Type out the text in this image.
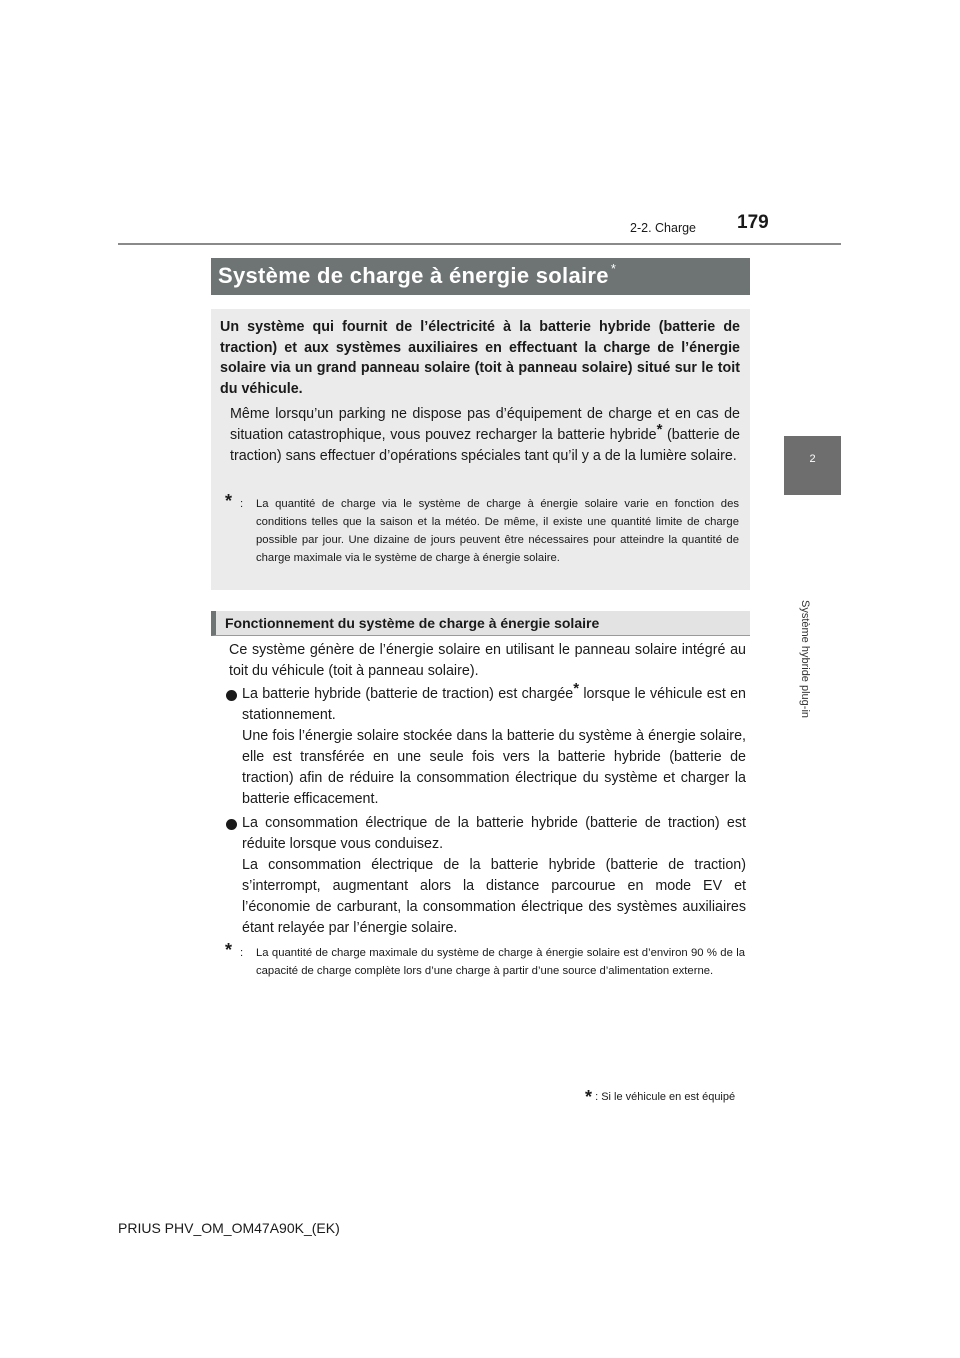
179
2-2. Charge
2
Système hybride plug-in
Système de charge à énergie solaire *
Un système qui fournit de l’électricité à la batterie hybride (batterie de traction) et aux systèmes auxiliaires en effectuant la charge de l’énergie solaire via un grand panneau solaire (toit à panneau solaire) situé sur le toit du véhicule.
Même lorsqu’un parking ne dispose pas d’équipement de charge et en cas de situation catastrophique, vous pouvez recharger la batterie hybride* (batterie de traction) sans effectuer d’opérations spéciales tant qu’il y a de la lumière solaire.
* : La quantité de charge via le système de charge à énergie solaire varie en fonction des conditions telles que la saison et la météo. De même, il existe une quantité limite de charge possible par jour. Une dizaine de jours peuvent être nécessaires pour atteindre la quantité de charge maximale via le système de charge à énergie solaire.
Fonctionnement du système de charge à énergie solaire
Ce système génère de l’énergie solaire en utilisant le panneau solaire intégré au toit du véhicule (toit à panneau solaire).
La batterie hybride (batterie de traction) est chargée* lorsque le véhicule est en stationnement.
Une fois l’énergie solaire stockée dans la batterie du système à énergie solaire, elle est transférée en une seule fois vers la batterie hybride (batterie de traction) afin de réduire la consommation électrique du système et charger la batterie efficacement.
La consommation électrique de la batterie hybride (batterie de traction) est réduite lorsque vous conduisez.
La consommation électrique de la batterie hybride (batterie de traction) s’interrompt, augmentant alors la distance parcourue en mode EV et l’économie de carburant, la consommation électrique des systèmes auxiliaires étant relayée par l’énergie solaire.
* : La quantité de charge maximale du système de charge à énergie solaire est d’environ 90 % de la capacité de charge complète lors d’une charge à partir d’une source d’alimentation externe.
* : Si le véhicule en est équipé
PRIUS PHV_OM_OM47A90K_(EK)
